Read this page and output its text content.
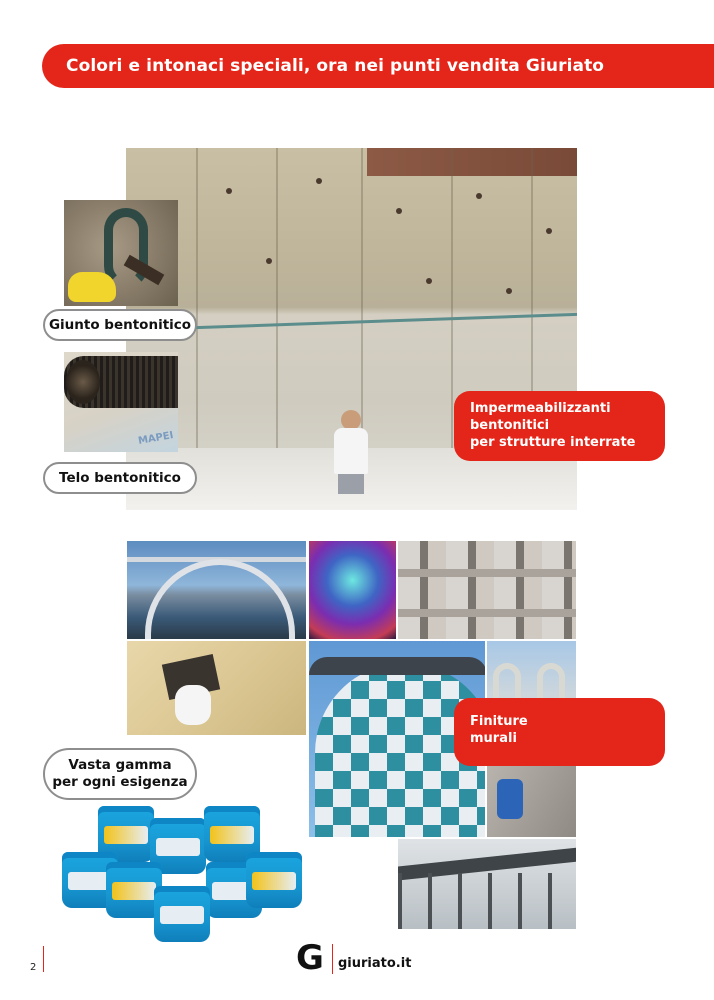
Colori e intonaci speciali, ora nei punti vendita Giuriato
Giunto bentonitico
MAPEI
Telo bentonitico
Impermeabilizzanti
bentonitici
per strutture interrate
Finiture
murali
Vasta gamma
per ogni esigenza
2	G	giuriato.it
